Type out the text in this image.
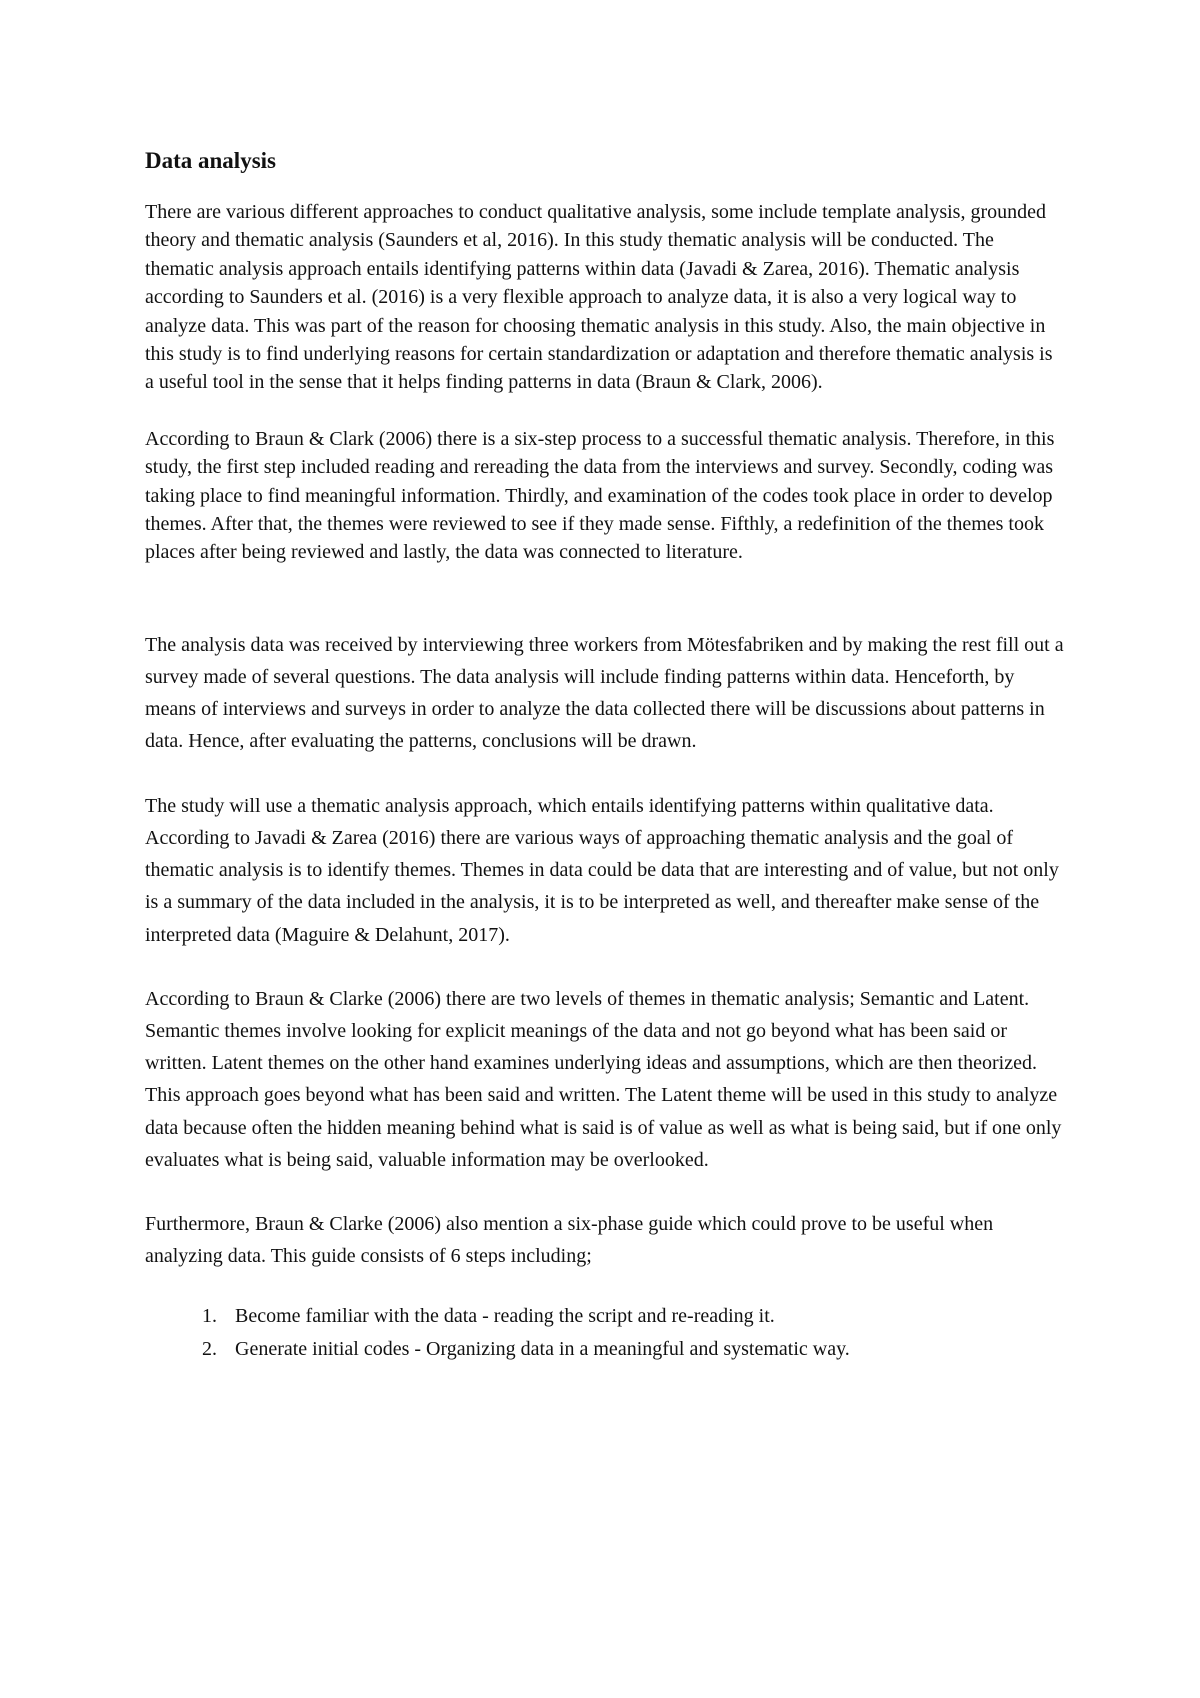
Data analysis

There are various different approaches to conduct qualitative analysis, some include template analysis, grounded theory and thematic analysis (Saunders et al, 2016). In this study thematic analysis will be conducted. The thematic analysis approach entails identifying patterns within data (Javadi & Zarea, 2016). Thematic analysis according to Saunders et al. (2016) is a very flexible approach to analyze data, it is also a very logical way to analyze data. This was part of the reason for choosing thematic analysis in this study. Also, the main objective in this study is to find underlying reasons for certain standardization or adaptation and therefore thematic analysis is a useful tool in the sense that it helps finding patterns in data (Braun & Clark, 2006).

According to Braun & Clark (2006) there is a six-step process to a successful thematic analysis. Therefore, in this study, the first step included reading and rereading the data from the interviews and survey. Secondly, coding was taking place to find meaningful information. Thirdly, and examination of the codes took place in order to develop themes. After that, the themes were reviewed to see if they made sense. Fifthly, a redefinition of the themes took places after being reviewed and lastly, the data was connected to literature.

The analysis data was received by interviewing three workers from Mötesfabriken and by making the rest fill out a survey made of several questions. The data analysis will include finding patterns within data. Henceforth, by means of interviews and surveys in order to analyze the data collected there will be discussions about patterns in data. Hence, after evaluating the patterns, conclusions will be drawn.

The study will use a thematic analysis approach, which entails identifying patterns within qualitative data. According to Javadi & Zarea (2016) there are various ways of approaching thematic analysis and the goal of thematic analysis is to identify themes. Themes in data could be data that are interesting and of value, but not only is a summary of the data included in the analysis, it is to be interpreted as well, and thereafter make sense of the interpreted data (Maguire & Delahunt, 2017).

According to Braun & Clarke (2006) there are two levels of themes in thematic analysis; Semantic and Latent. Semantic themes involve looking for explicit meanings of the data and not go beyond what has been said or written. Latent themes on the other hand examines underlying ideas and assumptions, which are then theorized. This approach goes beyond what has been said and written. The Latent theme will be used in this study to analyze data because often the hidden meaning behind what is said is of value as well as what is being said, but if one only evaluates what is being said, valuable information may be overlooked.

Furthermore, Braun & Clarke (2006) also mention a six-phase guide which could prove to be useful when analyzing data. This guide consists of 6 steps including;

1. Become familiar with the data - reading the script and re-reading it.
2. Generate initial codes - Organizing data in a meaningful and systematic way.
